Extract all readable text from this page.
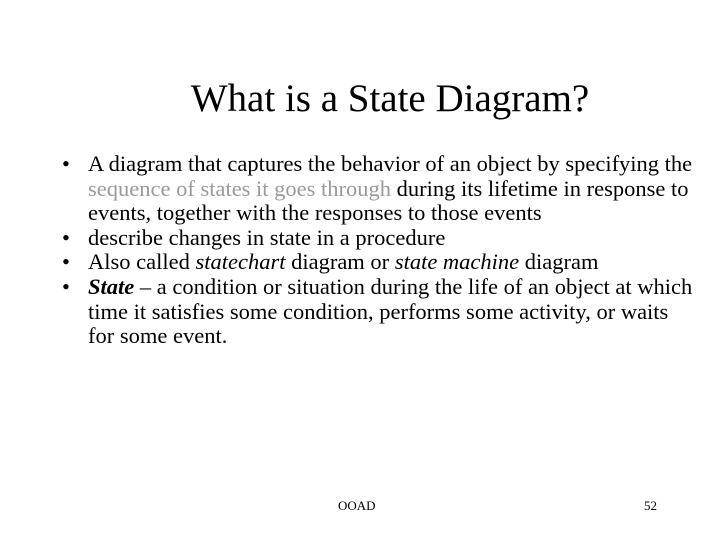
What is a State Diagram?
• A diagram that captures the behavior of an object by specifying the sequence of states it goes through during its lifetime in response to events, together with the responses to those events
• describe changes in state in a procedure
• Also called statechart diagram or state machine diagram
• State – a condition or situation during the life of an object at which time it satisfies some condition, performs some activity, or waits for some event.
OOAD	52
